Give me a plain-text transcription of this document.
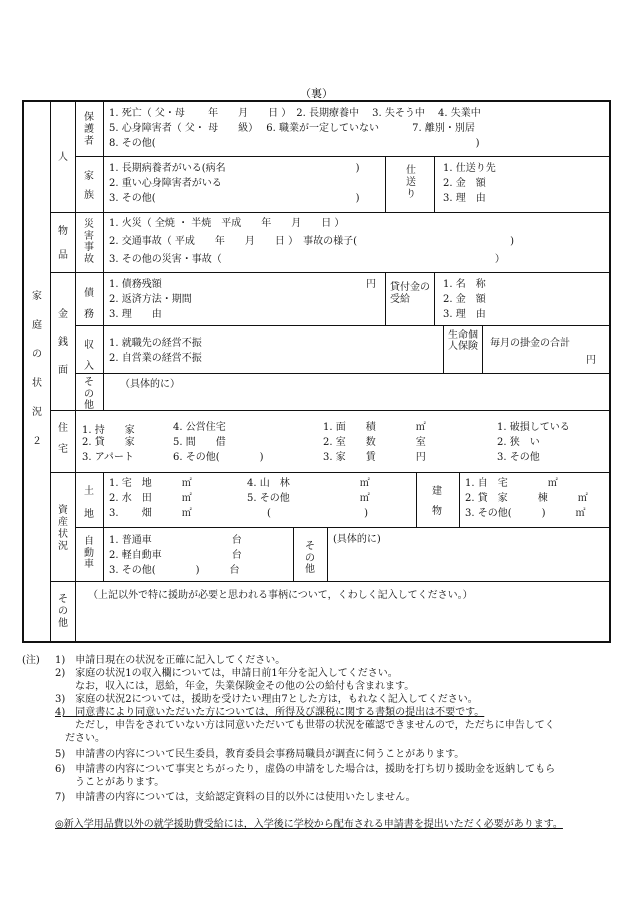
（裏）
家庭の状況２
人
物品
金銭面
住宅
資産状況
その他
保護者
1. 死亡（ 父・母　　 年　　月　　日 ）　2. 長期療養中　 3. 失そう中　 4. 失業中
5. 心身障害者（ 父・ 母　　級）　 6. 職業が一定していない　　　 7. 離別・別居
8. その他(　　　　　　　　　　　　　　　　　　　　　　　　　　　　　　　　)
家族
1. 長期病養者がいる(病名　　　　　　　　　　　　　)
2. 重い心身障害者がいる
3. その他(　　　　　　　　　　　　　　　　　　　　)
仕送り
1. 仕送り先
2. 金　額
3. 理　由
災害事故
1. 火災（ 全焼 ・ 半焼　平成　　年　　月　　日 ）
2. 交通事故（ 平成　　年　　月　　日 ）　事故の様子(　　　　　　　　　　　　　　　 )
3. その他の災害・事故（　　　　　　　　　　　　　　　　　　　　　　　　　　　 ）
債務
1. 債務残額	円
2. 返済方法・期間
3. 理　　由
貸付金の受給
1. 名　称
2. 金　額
3. 理　由
収入
1. 就職先の経営不振
2. 自営業の経営不振
生命個人保険 毎月の掛金の合計
円
その他
（具体的に）
1. 持　　家
2. 貸　　家
3. アパート
4. 公営住宅
5. 間　　借
6. その他(　　　　)
1. 面　　積　　　　㎡
2. 室　　数　　　　室
3. 家　　賃　　　　円
1. 破損している
2. 狭　い
3. その他
土地
1. 宅　地　　　㎡
2. 水　田　　　㎡
3. 　　畑　　　㎡
4. 山　林　　　　　　　㎡
5. その他　　　　　　　㎡
　　(　　　　　　　　　 )
建物
1. 自　宅　　　　㎡
2. 貸　家　　　棟　　　㎡
3. その他(　　　)　　　㎡
自動車
1. 普通車　　　　　　　　台
2. 軽自動車　　　　　　　台
3. その他(　　　　)　　　台
その他
(具体的に)
（上記以外で特に援助が必要と思われる事柄について，くわしく記入してください。）
(注) 1)　申請日現在の状況を正確に記入してください。
2)　家庭の状況1の収入欄については，申請日前1年分を記入してください。
　　なお，収入には，恩給，年金，失業保険金その他の公の給付も含まれます。
3)　家庭の状況2については，援助を受けたい理由7とした方は，もれなく記入してください。
4)　同意書により同意いただいた方については，所得及び課税に関する書類の提出は不要です。
　　ただし，申告をされていない方は同意いただいても世帯の状況を確認できませんので，ただちに申告してく
　ださい。
5)　申請書の内容について民生委員，教育委員会事務局職員が調査に伺うことがあります。
6)　申請書の内容について事実とちがったり，虚偽の申請をした場合は，援助を打ち切り援助金を返納してもら
　　うことがあります。
7)　申請書の内容については，支給認定資料の目的以外には使用いたしません。
◎新入学用品費以外の就学援助費受給には，入学後に学校から配布される申請書を提出いただく必要があります。
